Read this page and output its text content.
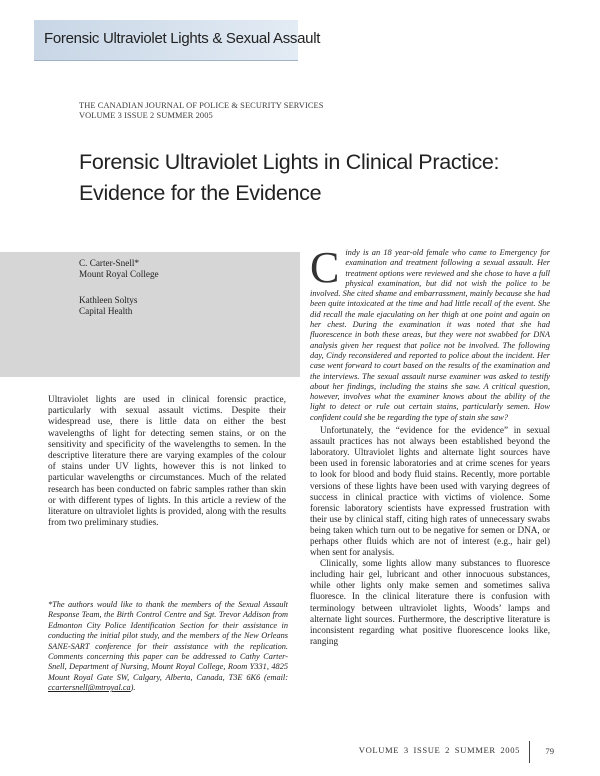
Forensic Ultraviolet Lights & Sexual Assault
THE CANADIAN JOURNAL OF POLICE & SECURITY SERVICES
VOLUME 3 ISSUE 2 SUMMER 2005
Forensic Ultraviolet Lights in Clinical Practice:
Evidence for the Evidence
C. Carter-Snell*
Mount Royal College
Kathleen Soltys
Capital Health

Ultraviolet lights are used in clinical forensic practice, particularly with sexual assault victims. Despite their widespread use, there is little data on either the best wavelengths of light for detecting semen stains, or on the sensitivity and specificity of the wavelengths to semen. In the descriptive literature there are varying examples of the colour of stains under UV lights, however this is not linked to particular wavelengths or circumstances. Much of the related research has been conducted on fabric samples rather than skin or with different types of lights. In this article a review of the literature on ultraviolet lights is provided, along with the results from two preliminary studies.

*The authors would like to thank the members of the Sexual Assault Response Team, the Birth Control Centre and Sgt. Trevor Addison from Edmonton City Police Identification Section for their assistance in conducting the initial pilot study, and the members of the New Orleans SANE-SART conference for their assistance with the replication. Comments concerning this paper can be addressed to Cathy Carter-Snell, Department of Nursing, Mount Royal College, Room Y331, 4825 Mount Royal Gate SW, Calgary, Alberta, Canada, T3E 6K6 (email: ccartersnell@mtroyal.ca).

Cindy is an 18 year-old female who came to Emergency for examination and treatment following a sexual assault. Her treatment options were reviewed and she chose to have a full physical examination, but did not wish the police to be involved. She cited shame and embarrassment, mainly because she had been quite intoxicated at the time and had little recall of the event. She did recall the male ejaculating on her thigh at one point and again on her chest. During the examination it was noted that she had fluorescence in both these areas, but they were not swabbed for DNA analysis given her request that police not be involved. The following day, Cindy reconsidered and reported to police about the incident. Her case went forward to court based on the results of the examination and the interviews. The sexual assault nurse examiner was asked to testify about her findings, including the stains she saw. A critical question, however, involves what the examiner knows about the ability of the light to detect or rule out certain stains, particularly semen. How confident could she be regarding the type of stain she saw?

Unfortunately, the “evidence for the evidence” in sexual assault practices has not always been established beyond the laboratory. Ultraviolet lights and alternate light sources have been used in forensic laboratories and at crime scenes for years to look for blood and body fluid stains. Recently, more portable versions of these lights have been used with varying degrees of success in clinical practice with victims of violence. Some forensic laboratory scientists have expressed frustration with their use by clinical staff, citing high rates of unnecessary swabs being taken which turn out to be negative for semen or DNA, or perhaps other fluids which are not of interest (e.g., hair gel) when sent for analysis.

Clinically, some lights allow many substances to fluoresce including hair gel, lubricant and other innocuous substances, while other lights only make semen and sometimes saliva fluoresce. In the clinical literature there is confusion with terminology between ultraviolet lights, Woods’ lamps and alternate light sources. Furthermore, the descriptive literature is inconsistent regarding what positive fluorescence looks like, ranging

VOLUME 3 ISSUE 2 SUMMER 2005	79
